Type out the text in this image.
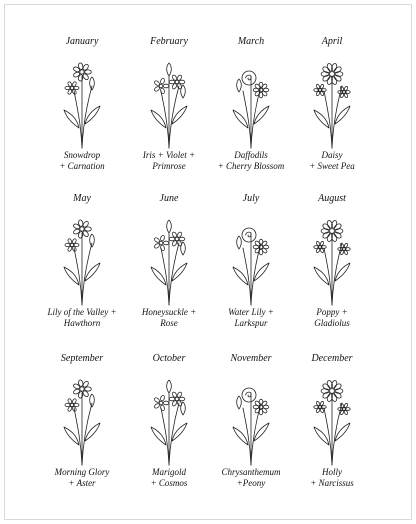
January
Snowdrop
+ Carnation
February
Iris + Violet +
Primrose
March
Daffodils
+ Cherry Blossom
April
Daisy
+ Sweet Pea
May
Lily of the Valley +
Hawthorn
June
Honeysuckle +
Rose
July
Water Lily +
Larkspur
August
Poppy +
Gladiolus
September
Morning Glory
+ Aster
October
Marigold
+ Cosmos
November
Chrysanthemum
+Peony
December
Holly
+ Narcissus
